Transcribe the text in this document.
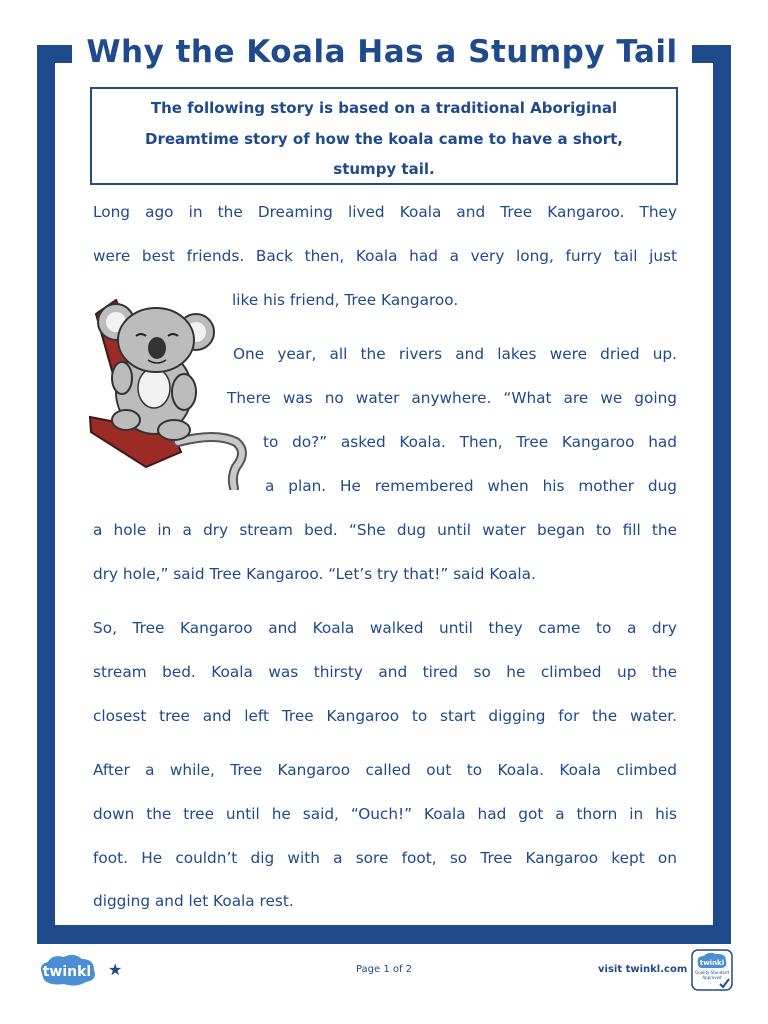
Why the Koala Has a Stumpy Tail
The following story is based on a traditional Aboriginal
Dreamtime story of how the koala came to have a short,
stumpy tail.
Long ago in the Dreaming lived Koala and Tree Kangaroo. They
were best friends. Back then, Koala had a very long, furry tail just
like his friend, Tree Kangaroo.
One year, all the rivers and lakes were dried up.
There was no water anywhere. “What are we going
to do?” asked Koala. Then, Tree Kangaroo had
a plan. He remembered when his mother dug
a hole in a dry stream bed. “She dug until water began to fill the
dry hole,” said Tree Kangaroo. “Let’s try that!” said Koala.
So, Tree Kangaroo and Koala walked until they came to a dry
stream bed. Koala was thirsty and tired so he climbed up the
closest tree and left Tree Kangaroo to start digging for the water.
After a while, Tree Kangaroo called out to Koala. Koala climbed
down the tree until he said, “Ouch!” Koala had got a thorn in his
foot. He couldn’t dig with a sore foot, so Tree Kangaroo kept on
digging and let Koala rest.
twinkl ★	Page 1 of 2	visit twinkl.com
twinkl
Quality Standard Approved
